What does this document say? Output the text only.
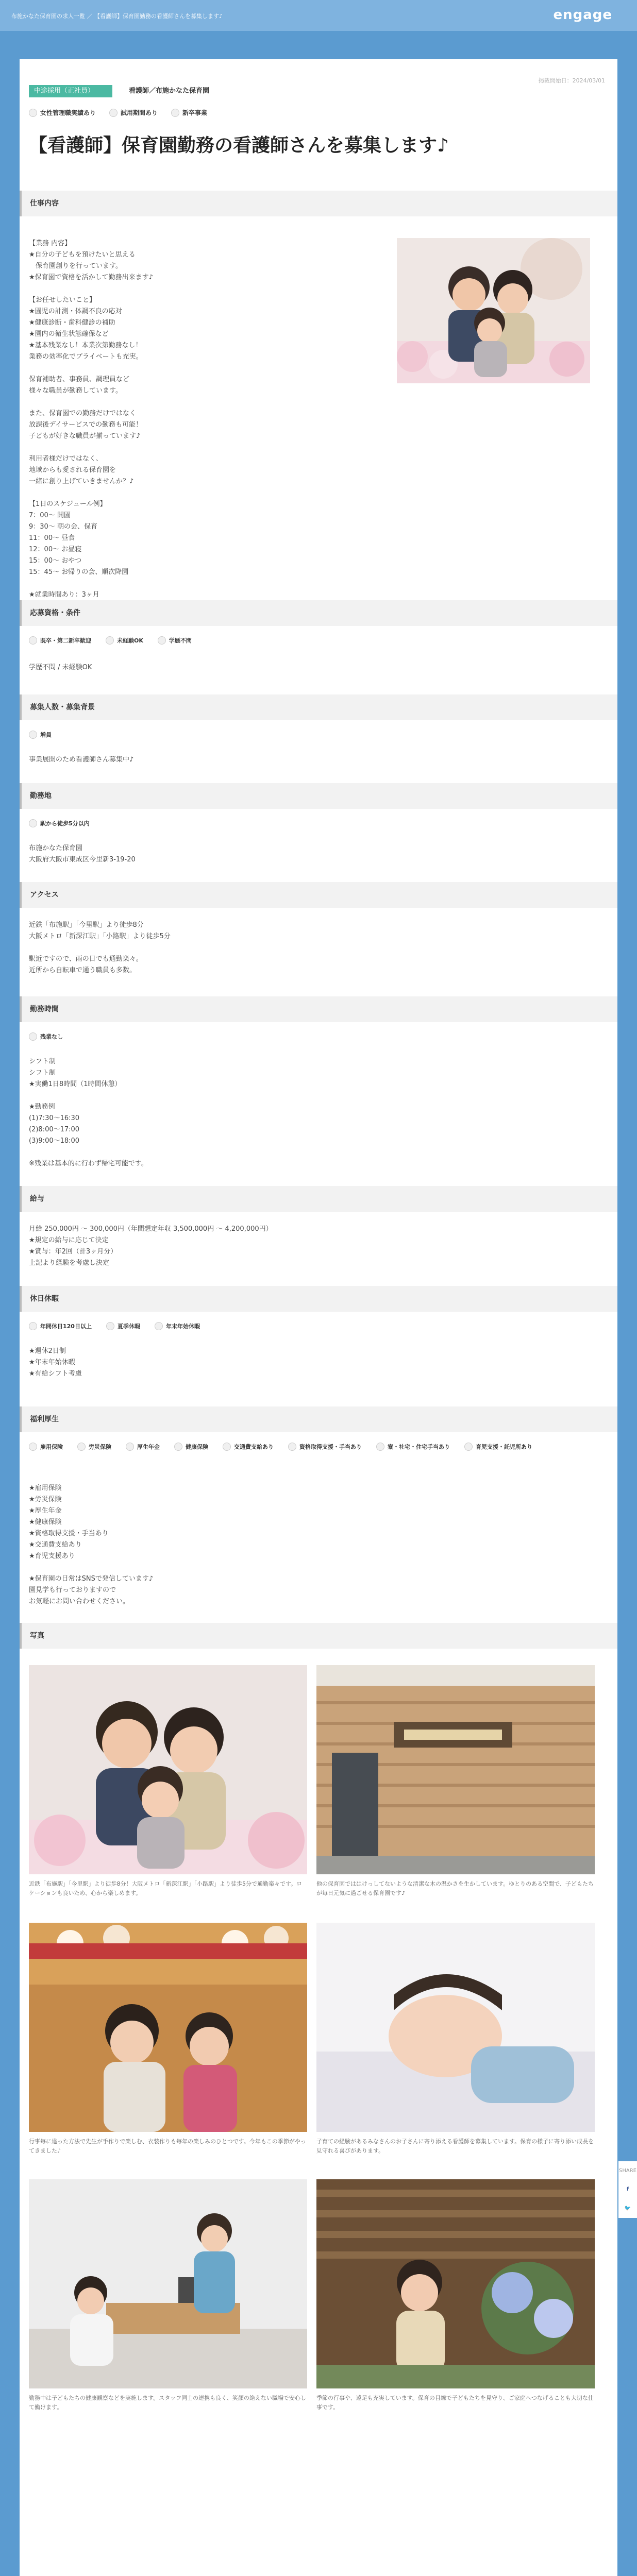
布施かなた保育園の求人一覧 ／ 【看護師】保育園勤務の看護師さんを募集します♪	engage
掲載開始日：2024/03/01
中途採用（正社員）	看護師／布施かなた保育園
女性管理職実績あり	試用期間あり	新卒事業
【看護師】保育園勤務の看護師さんを募集します♪
仕事内容
【業務 内容】
★自分の子どもを預けたいと思える
　保育園創りを行っています。
★保育園で資格を活かして勤務出来ます♪

【お任せしたいこと】
★園児の計測・体調不良の応対
★健康診断・歯科健診の補助
★園内の衛生状態確保など
★基本残業なし！本業次第勤務なし！
業務の効率化でプライベートも充実。

保育補助者、事務員、調理員など
様々な職員が勤務しています。

また、保育園での勤務だけではなく
放課後デイサービスでの勤務も可能！
子どもが好きな職員が揃っています♪

利用者様だけではなく、
地域からも愛される保育園を
一緒に創り上げていきませんか？♪

【1日のスケジュール例】
7：00～ 開園
9：30～ 朝の会、保育
11：00～ 昼食
12：00～ お昼寝
15：00～ おやつ
15：45～ お帰りの会、順次降園

★就業時間あり：3ヶ月

応募資格・条件
既卒・第二新卒歓迎	未経験OK	学歴不問
学歴不問 / 未経験OK
募集人数・募集背景
増員
事業展開のため看護師さん募集中♪
勤務地
駅から徒歩5分以内
布施かなた保育園
大阪府大阪市東成区今里新3-19-20
アクセス
近鉄「布施駅」「今里駅」より徒歩8分
大阪メトロ「新深江駅」「小路駅」より徒歩5分

駅近ですので、雨の日でも通勤楽々。
近所から自転車で通う職員も多数。
勤務時間
残業なし
シフト制
シフト制
★実働1日8時間（1時間休憩）

★勤務例
(1)7:30～16:30
(2)8:00～17:00
(3)9:00～18:00

※残業は基本的に行わず帰宅可能です。
給与
月給 250,000円 ～ 300,000円（年間想定年収 3,500,000円 ～ 4,200,000円）
★規定の給与に応じて決定
★賞与：年2回（計3ヶ月分）
上記より経験を考慮し決定
休日休暇
年間休日120日以上	夏季休暇	年末年始休暇
★週休2日制
★年末年始休暇
★有給シフト考慮
福利厚生
雇用保険	労災保険	厚生年金	健康保険	交通費支給あり	資格取得支援・手当あり	寮・社宅・住宅手当あり	育児支援・託児所あり
★雇用保険
★労災保険
★厚生年金
★健康保険
★資格取得支援・手当あり
★交通費支給あり
★育児支援あり

★保育園の日常はSNSで発信しています♪
園見学も行っておりますので
お気軽にお問い合わせください。
写真
近鉄「布施駅」「今里駅」より徒歩8分！大阪メトロ「新深江駅」「小路駅」より徒歩5分で通勤楽々です。ロケーションも良いため、心から楽しめます。
他の保育園でははけっしてないような清潔な木の温かさを生かしています。ゆとりのある空間で、子どもたちが毎日元気に過ごせる保育園です♪
行事毎に違った方法で先生が手作りで楽しむ、衣装作りも毎年の楽しみのひとつです。今年もこの季節がやってきました♪
子育ての経験があるみなさんのお子さんに寄り添える看護師を募集しています。保育の様子に寄り添い成長を見守れる喜びがあります。
勤務中は子どもたちの健康観察などを実施します。スタッフ同士の連携も良く、笑顔の絶えない職場で安心して働けます。
季節の行事や、遠足も充実しています。保育の目線で子どもたちを見守り、ご家庭へつなげることも大切な仕事です。
SHARE
f
🐦
